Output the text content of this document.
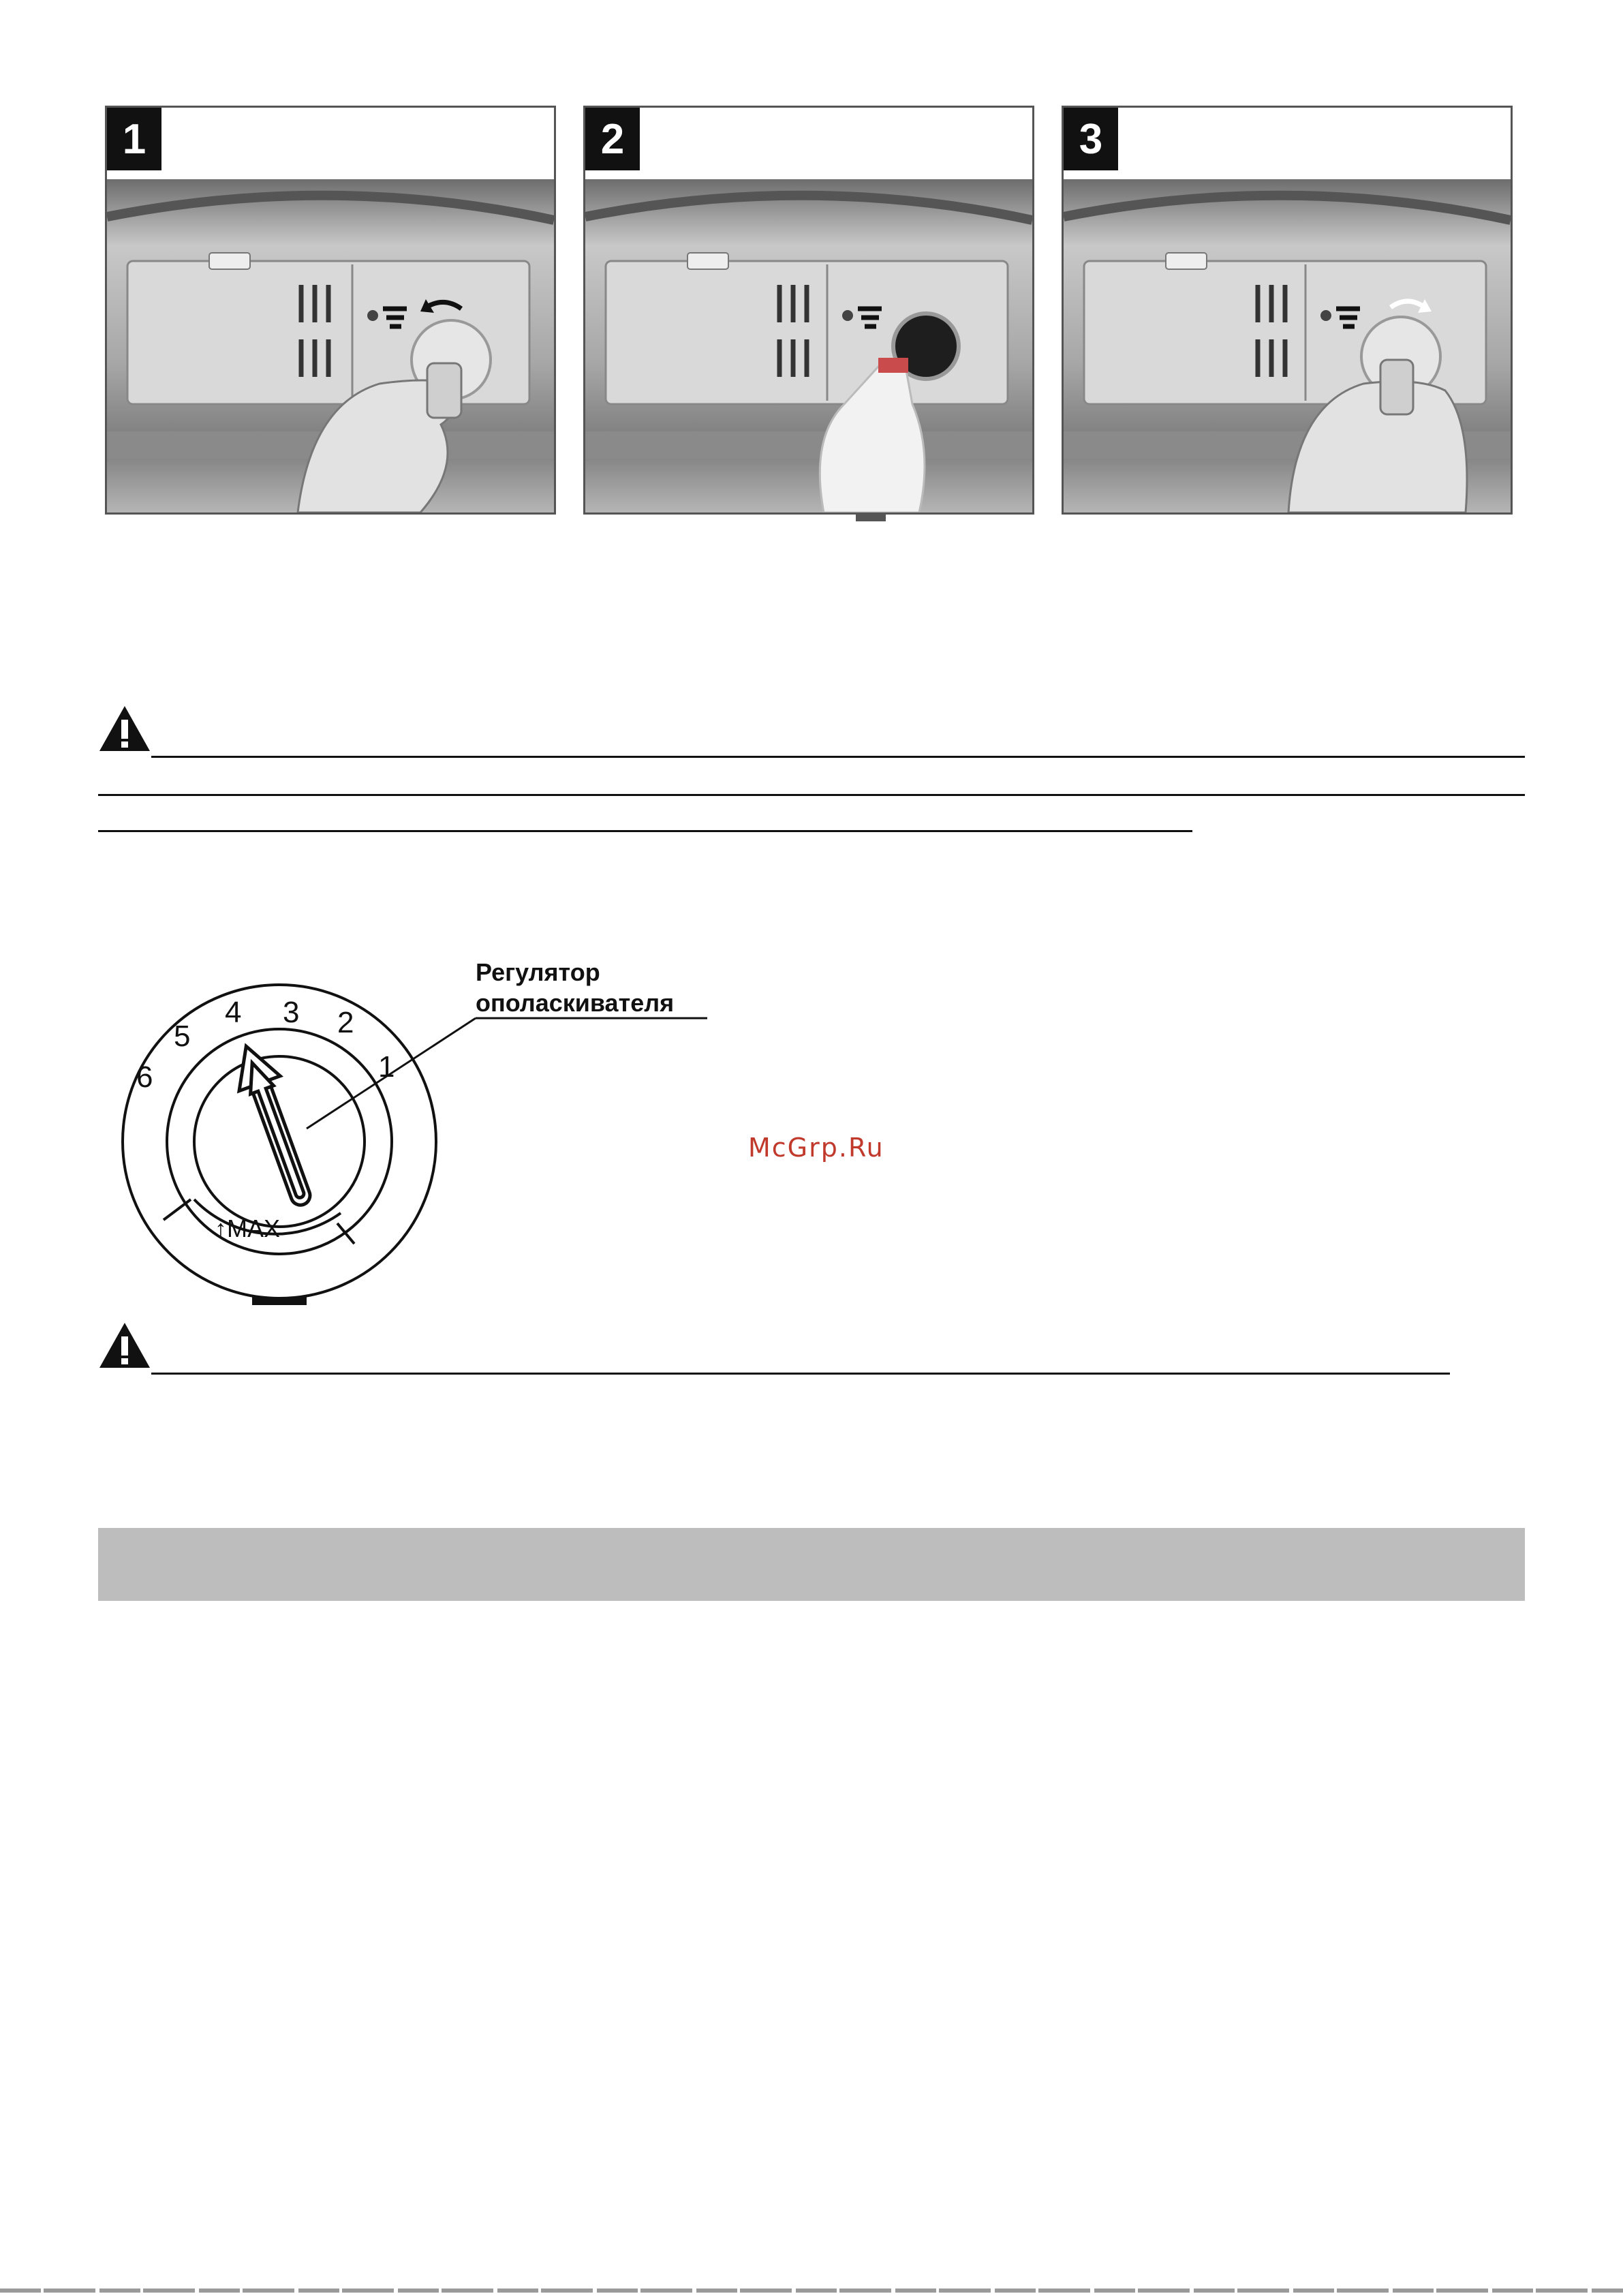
1	2	3
6
5
4 3 2
1
↑MAX
Регулятор
ополаскивателя
McGrp.Ru
